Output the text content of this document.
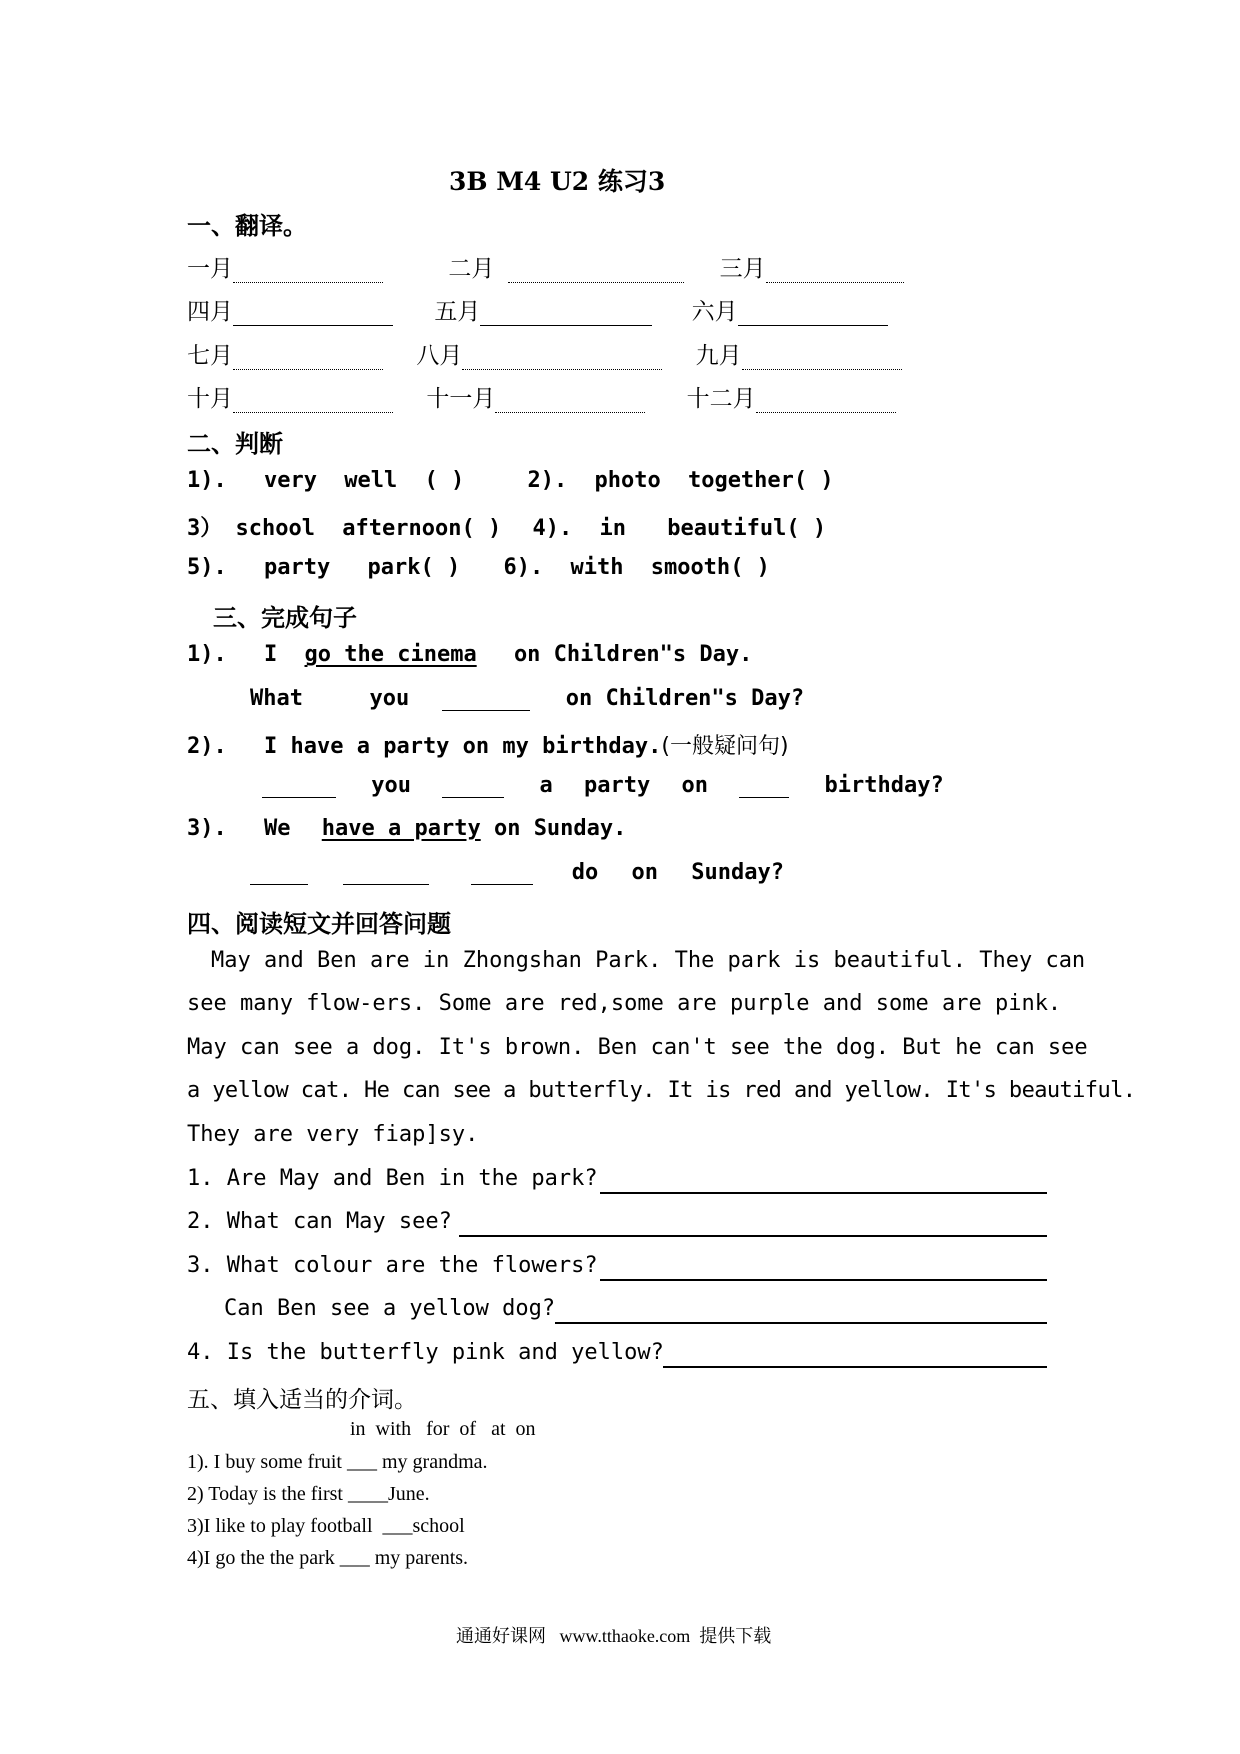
3B M4 U2 练习3
一、翻译。
一月	二月	三月
四月	五月	六月
七月	八月	九月
十月	十一月	十二月
二、判断
1). very well ( )	2). photo together( )
3） school afternoon( ) 4). in beautiful( )
5). party park( ) 6). with smooth( )
三、完成句子
1). I go the cinema on Children"s Day.
What	you	on Children"s Day?
2). I have a party on my birthday.(一般疑问句)
you	a party on	birthday?
3). We have a party on Sunday.
do on Sunday?
四、阅读短文并回答问题
May and Ben are in Zhongshan Park. The park is beautiful. They can
see many flow-ers. Some are red,some are purple and some are pink.
May can see a dog. It's brown. Ben can't see the dog. But he can see
a yellow cat. He can see a butterfly. It is red and yellow. It's beautiful.
They are very fiap]sy.
1. Are May and Ben in the park?
2. What can May see?
3. What colour are the flowers?
Can Ben see a yellow dog?
4. Is the butterfly pink and yellow?
五、填入适当的介词。
in  with   for  of   at  on
1). I buy some fruit ___ my grandma.
2) Today is the first ____June.
3)I like to play football  ___school
4)I go the the park ___ my parents.
通通好课网   www.tthaoke.com  提供下载
